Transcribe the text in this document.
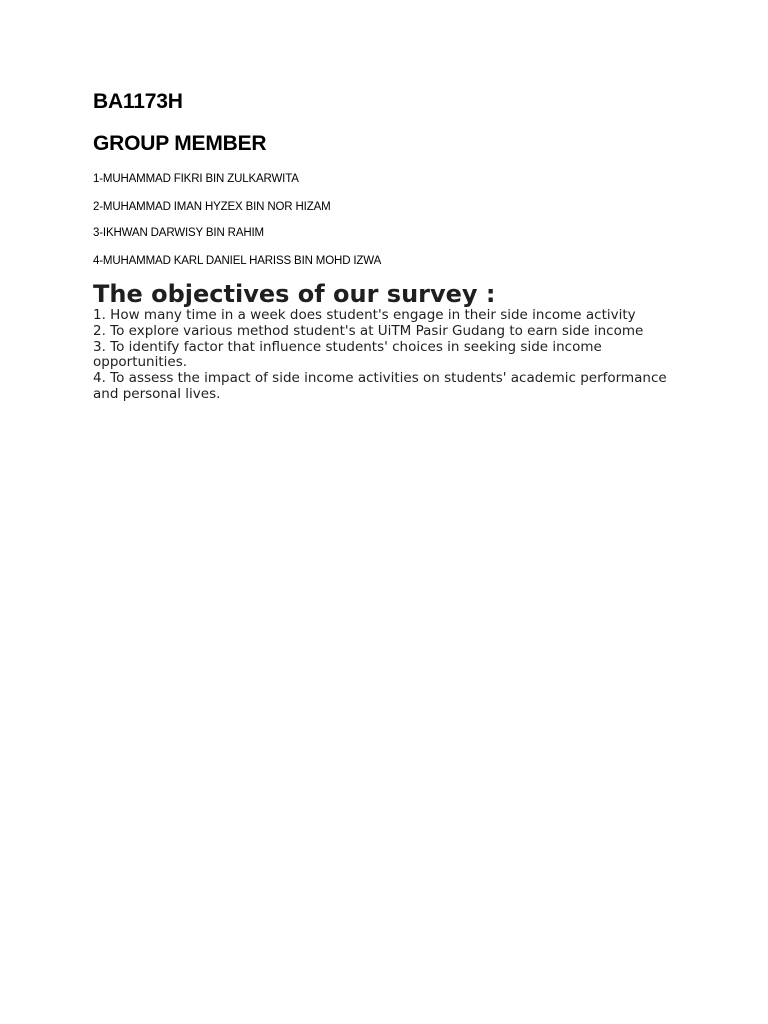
BA1173H
GROUP MEMBER

1-MUHAMMAD FIKRI BIN ZULKARWITA

2-MUHAMMAD IMAN HYZEX BIN NOR HIZAM

3-IKHWAN DARWISY BIN RAHIM

4-MUHAMMAD KARL DANIEL HARISS BIN MOHD IZWA

The objectives of our survey :
1. How many time in a week does student's engage in their side income activity
2. To explore various method student's at UiTM Pasir Gudang to earn side income
3. To identify factor that influence students' choices in seeking side income opportunities.
4. To assess the impact of side income activities on students' academic performance and personal lives.
